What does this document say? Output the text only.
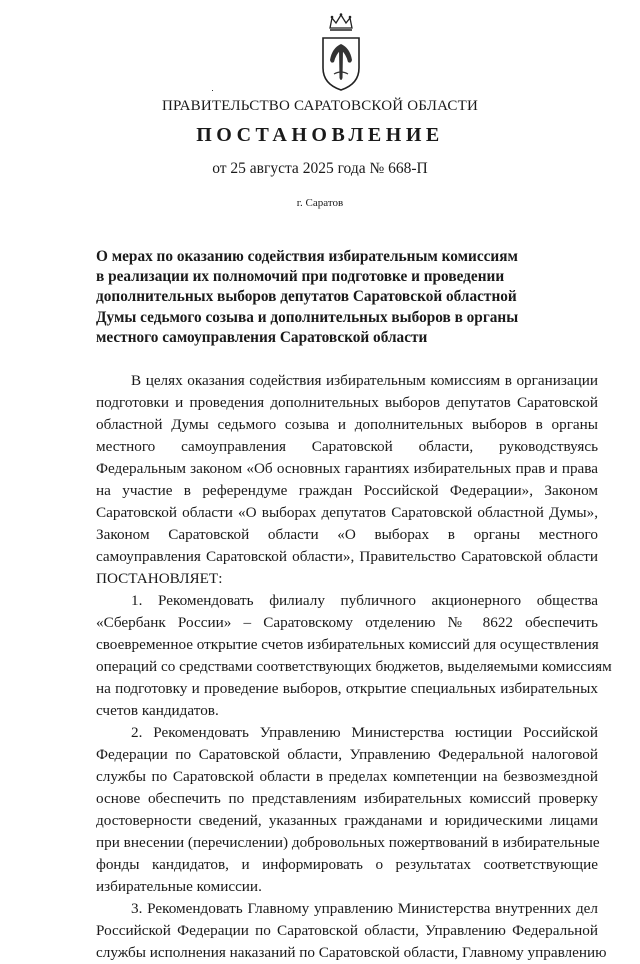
ПРАВИТЕЛЬСТВО САРАТОВСКОЙ ОБЛАСТИ
ПОСТАНОВЛЕНИЕ
от 25 августа 2025 года № 668-П
г. Саратов
О мерах по оказанию содействия избирательным комиссиям
в реализации их полномочий при подготовке и проведении
дополнительных выборов депутатов Саратовской областной
Думы седьмого созыва и дополнительных выборов в органы
местного самоуправления Саратовской области
В целях оказания содействия избирательным комиссиям в организации
подготовки и проведения дополнительных выборов депутатов Саратовской
областной Думы седьмого созыва и дополнительных выборов в органы
местного самоуправления Саратовской области, руководствуясь
Федеральным законом «Об основных гарантиях избирательных прав и права
на участие в референдуме граждан Российской Федерации», Законом
Саратовской области «О выборах депутатов Саратовской областной Думы»,
Законом Саратовской области «О выборах в органы местного
самоуправления Саратовской области», Правительство Саратовской области
ПОСТАНОВЛЯЕТ:
1. Рекомендовать филиалу публичного акционерного общества
«Сбербанк России» – Саратовскому отделению № 8622 обеспечить
своевременное открытие счетов избирательных комиссий для осуществления
операций со средствами соответствующих бюджетов, выделяемыми комиссиям
на подготовку и проведение выборов, открытие специальных избирательных
счетов кандидатов.
2. Рекомендовать Управлению Министерства юстиции Российской
Федерации по Саратовской области, Управлению Федеральной налоговой
службы по Саратовской области в пределах компетенции на безвозмездной
основе обеспечить по представлениям избирательных комиссий проверку
достоверности сведений, указанных гражданами и юридическими лицами
при внесении (перечислении) добровольных пожертвований в избирательные
фонды кандидатов, и информировать о результатах соответствующие
избирательные комиссии.
3. Рекомендовать Главному управлению Министерства внутренних дел
Российской Федерации по Саратовской области, Управлению Федеральной
службы исполнения наказаний по Саратовской области, Главному управлению
